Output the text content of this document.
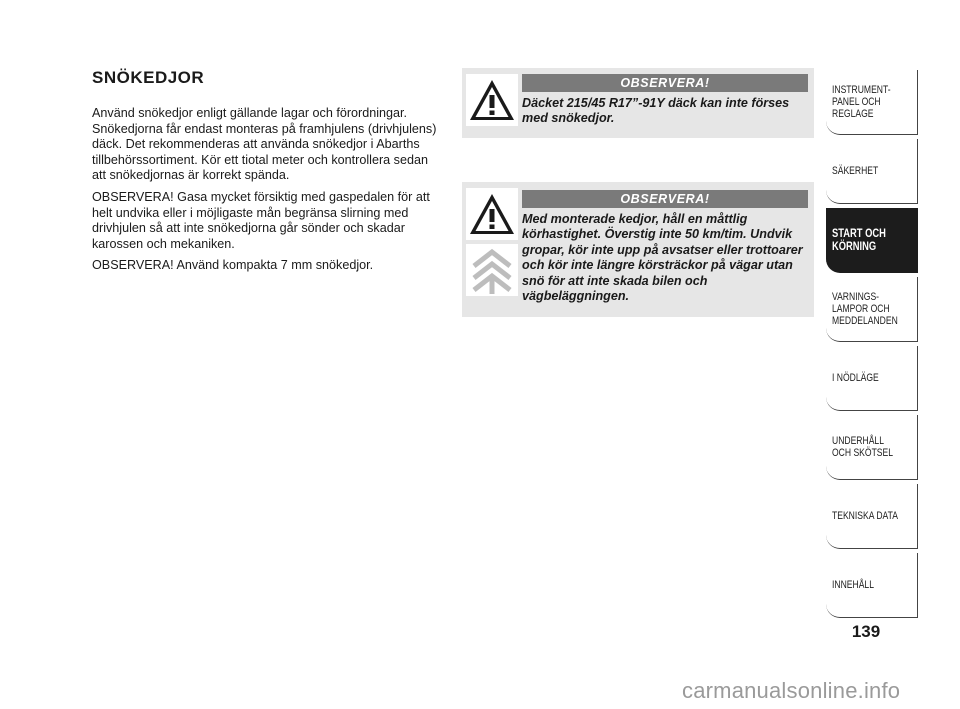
SNÖKEDJOR

Använd snökedjor enligt gällande lagar och förordningar. Snökedjorna får endast monteras på framhjulens (drivhjulens) däck. Det rekommenderas att använda snökedjor i Abarths tillbehörssortiment. Kör ett tiotal meter och kontrollera sedan att snökedjornas är korrekt spända.

OBSERVERA! Gasa mycket försiktig med gaspedalen för att helt undvika eller i möjligaste mån begränsa slirning med drivhjulen så att inte snökedjorna går sönder och skadar karossen och mekaniken.

OBSERVERA! Använd kompakta 7 mm snökedjor.

OBSERVERA!
Däcket 215/45 R17”-91Y däck kan inte förses med snökedjor.
OBSERVERA!
Med monterade kedjor, håll en måttlig körhastighet. Överstig inte 50 km/tim. Undvik gropar, kör inte upp på avsatser eller trottoarer och kör inte längre körsträckor på vägar utan snö för att inte skada bilen och vägbeläggningen.
INSTRUMENT-
PANEL OCH
REGLAGE
SÄKERHET
START OCH
KÖRNING
VARNINGS-
LAMPOR OCH
MEDDELANDEN
I NÖDLÄGE
UNDERHÅLL
OCH SKÖTSEL
TEKNISKA DATA
INNEHÅLL
139
carmanualsonline.info
